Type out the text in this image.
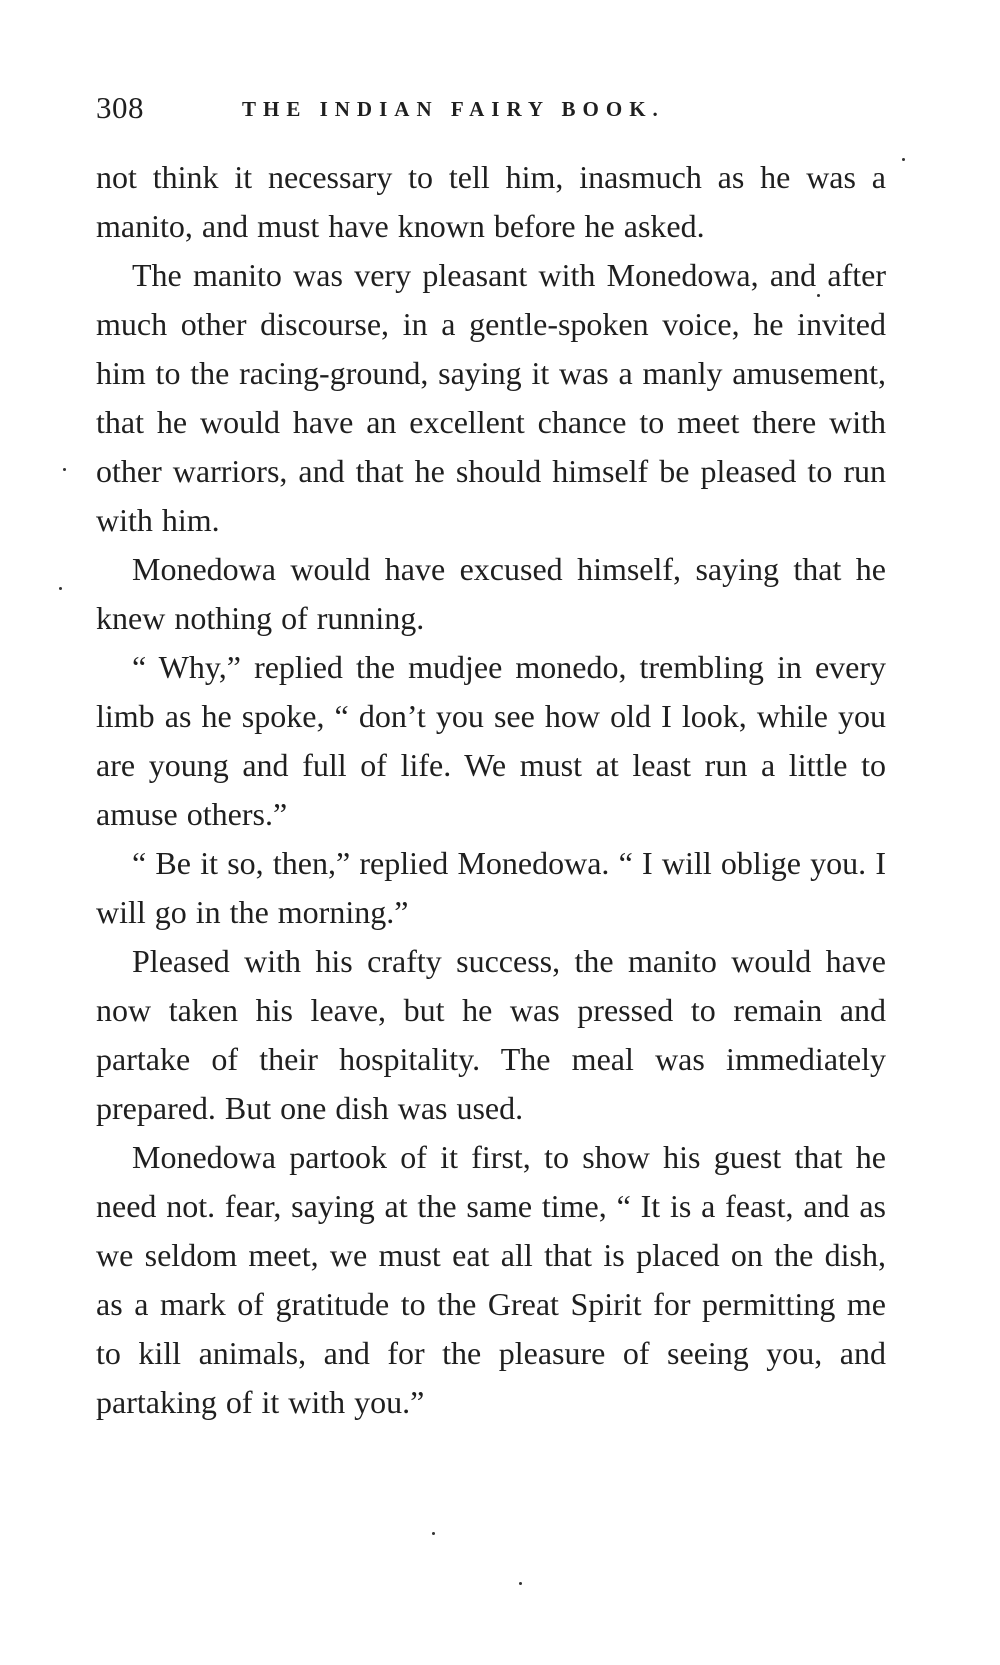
308	THE INDIAN FAIRY BOOK.

not think it necessary to tell him, inasmuch as he was a manito, and must have known before he asked.

The manito was very pleasant with Monedowa, and after much other discourse, in a gentle-spoken voice, he invited him to the racing-ground, saying it was a manly amusement, that he would have an excellent chance to meet there with other warriors, and that he should himself be pleased to run with him.

Monedowa would have excused himself, saying that he knew nothing of running.

“ Why,” replied the mudjee monedo, trembling in every limb as he spoke, “ don’t you see how old I look, while you are young and full of life. We must at least run a little to amuse others.”

“ Be it so, then,” replied Monedowa. “ I will oblige you. I will go in the morning.”

Pleased with his crafty success, the manito would have now taken his leave, but he was pressed to remain and partake of their hospitality. The meal was immediately prepared. But one dish was used.

Monedowa partook of it first, to show his guest that he need not. fear, saying at the same time, “ It is a feast, and as we seldom meet, we must eat all that is placed on the dish, as a mark of gratitude to the Great Spirit for permitting me to kill animals, and for the pleasure of seeing you, and partaking of it with you.”
